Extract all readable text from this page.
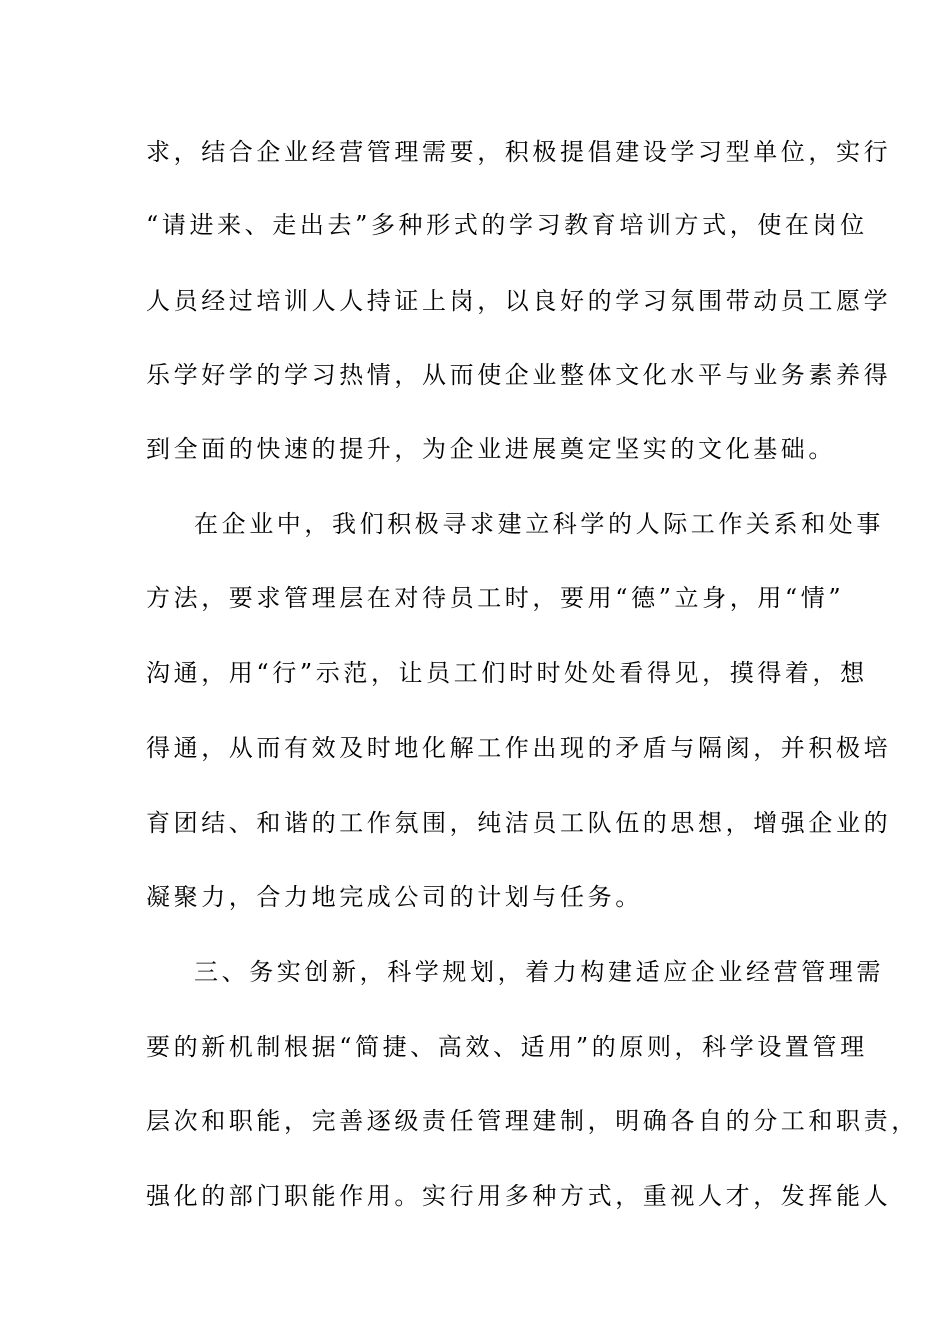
求，结合企业经营管理需要，积极提倡建设学习型单位，实行
“请进来、走出去”多种形式的学习教育培训方式，使在岗位
人员经过培训人人持证上岗，以良好的学习氛围带动员工愿学
乐学好学的学习热情，从而使企业整体文化水平与业务素养得
到全面的快速的提升，为企业进展奠定坚实的文化基础。
在企业中，我们积极寻求建立科学的人际工作关系和处事
方法，要求管理层在对待员工时，要用“德”立身，用“情”
沟通，用“行”示范，让员工们时时处处看得见，摸得着，想
得通，从而有效及时地化解工作出现的矛盾与隔阂，并积极培
育团结、和谐的工作氛围，纯洁员工队伍的思想，增强企业的
凝聚力，合力地完成公司的计划与任务。
三、务实创新，科学规划，着力构建适应企业经营管理需
要的新机制根据“简捷、高效、适用”的原则，科学设置管理
层次和职能，完善逐级责任管理建制，明确各自的分工和职责，
强化的部门职能作用。实行用多种方式，重视人才，发挥能人
